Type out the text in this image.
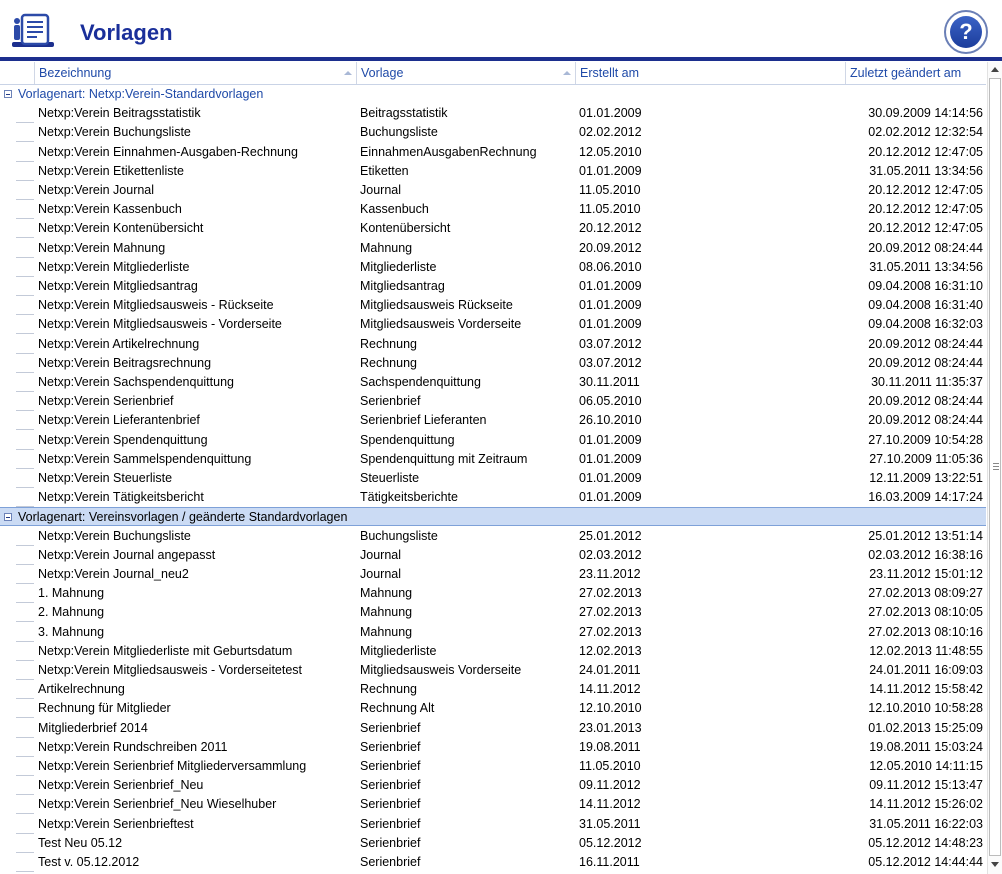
Vorlagen	?
Bezeichnung	Vorlage	Erstellt am	Zuletzt geändert am
Vorlagenart: Netxp:Verein-Standardvorlagen
Netxp:Verein Beitragsstatistik	Beitragsstatistik	01.01.2009	30.09.2009 14:14:56
Netxp:Verein Buchungsliste	Buchungsliste	02.02.2012	02.02.2012 12:32:54
Netxp:Verein Einnahmen-Ausgaben-Rechnung	EinnahmenAusgabenRechnung	12.05.2010	20.12.2012 12:47:05
Netxp:Verein Etikettenliste	Etiketten	01.01.2009	31.05.2011 13:34:56
Netxp:Verein Journal	Journal	11.05.2010	20.12.2012 12:47:05
Netxp:Verein Kassenbuch	Kassenbuch	11.05.2010	20.12.2012 12:47:05
Netxp:Verein Kontenübersicht	Kontenübersicht	20.12.2012	20.12.2012 12:47:05
Netxp:Verein Mahnung	Mahnung	20.09.2012	20.09.2012 08:24:44
Netxp:Verein Mitgliederliste	Mitgliederliste	08.06.2010	31.05.2011 13:34:56
Netxp:Verein Mitgliedsantrag	Mitgliedsantrag	01.01.2009	09.04.2008 16:31:10
Netxp:Verein Mitgliedsausweis - Rückseite	Mitgliedsausweis Rückseite	01.01.2009	09.04.2008 16:31:40
Netxp:Verein Mitgliedsausweis - Vorderseite	Mitgliedsausweis Vorderseite	01.01.2009	09.04.2008 16:32:03
Netxp:Verein Artikelrechnung	Rechnung	03.07.2012	20.09.2012 08:24:44
Netxp:Verein Beitragsrechnung	Rechnung	03.07.2012	20.09.2012 08:24:44
Netxp:Verein Sachspendenquittung	Sachspendenquittung	30.11.2011	30.11.2011 11:35:37
Netxp:Verein Serienbrief	Serienbrief	06.05.2010	20.09.2012 08:24:44
Netxp:Verein Lieferantenbrief	Serienbrief Lieferanten	26.10.2010	20.09.2012 08:24:44
Netxp:Verein Spendenquittung	Spendenquittung	01.01.2009	27.10.2009 10:54:28
Netxp:Verein Sammelspendenquittung	Spendenquittung mit Zeitraum	01.01.2009	27.10.2009 11:05:36
Netxp:Verein Steuerliste	Steuerliste	01.01.2009	12.11.2009 13:22:51
Netxp:Verein Tätigkeitsbericht	Tätigkeitsberichte	01.01.2009	16.03.2009 14:17:24
Vorlagenart: Vereinsvorlagen / geänderte Standardvorlagen
Netxp:Verein Buchungsliste	Buchungsliste	25.01.2012	25.01.2012 13:51:14
Netxp:Verein Journal angepasst	Journal	02.03.2012	02.03.2012 16:38:16
Netxp:Verein Journal_neu2	Journal	23.11.2012	23.11.2012 15:01:12
1. Mahnung	Mahnung	27.02.2013	27.02.2013 08:09:27
2. Mahnung	Mahnung	27.02.2013	27.02.2013 08:10:05
3. Mahnung	Mahnung	27.02.2013	27.02.2013 08:10:16
Netxp:Verein Mitgliederliste mit Geburtsdatum	Mitgliederliste	12.02.2013	12.02.2013 11:48:55
Netxp:Verein Mitgliedsausweis - Vorderseitetest	Mitgliedsausweis Vorderseite	24.01.2011	24.01.2011 16:09:03
Artikelrechnung	Rechnung	14.11.2012	14.11.2012 15:58:42
Rechnung für Mitglieder	Rechnung Alt	12.10.2010	12.10.2010 10:58:28
Mitgliederbrief 2014	Serienbrief	23.01.2013	01.02.2013 15:25:09
Netxp:Verein Rundschreiben 2011	Serienbrief	19.08.2011	19.08.2011 15:03:24
Netxp:Verein Serienbrief Mitgliederversammlung	Serienbrief	11.05.2010	12.05.2010 14:11:15
Netxp:Verein Serienbrief_Neu	Serienbrief	09.11.2012	09.11.2012 15:13:47
Netxp:Verein Serienbrief_Neu Wieselhuber	Serienbrief	14.11.2012	14.11.2012 15:26:02
Netxp:Verein Serienbrieftest	Serienbrief	31.05.2011	31.05.2011 16:22:03
Test Neu 05.12	Serienbrief	05.12.2012	05.12.2012 14:48:23
Test v. 05.12.2012	Serienbrief	16.11.2011	05.12.2012 14:44:44
